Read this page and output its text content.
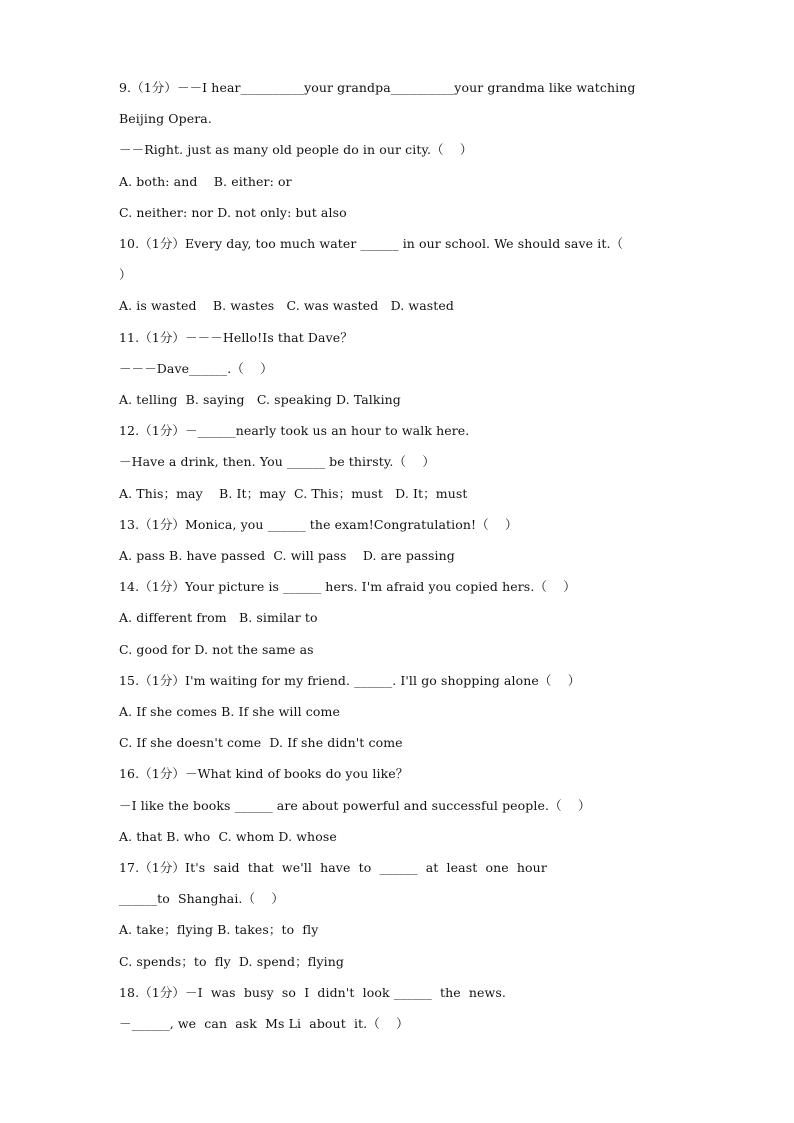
9.（1分）－－I hear__________your grandpa__________your grandma like watching
Beijing Opera.
－－Right. just as many old people do in our city.（    ）
A. both: and    B. either: or
C. neither: nor D. not only: but also
10.（1分）Every day, too much water ______ in our school. We should save it.（
）
A. is wasted    B. wastes   C. was wasted   D. wasted
11.（1分）－－－Hello!Is that Dave？
－－－Dave______.（    ）
A. telling  B. saying   C. speaking D. Talking
12.（1分）－______nearly took us an hour to walk here.
－Have a drink, then. You ______ be thirsty.（    ）
A. This；may    B. It；may  C. This；must   D. It；must
13.（1分）Monica, you ______ the exam!Congratulation!（    ）
A. pass B. have passed  C. will pass    D. are passing
14.（1分）Your picture is ______ hers. I'm afraid you copied hers.（    ）
A. different from   B. similar to
C. good for D. not the same as
15.（1分）I'm waiting for my friend. ______. I'll go shopping alone（    ）
A. If she comes B. If she will come
C. If she doesn't come  D. If she didn't come
16.（1分）－What kind of books do you like？
－I like the books ______ are about powerful and successful people.（    ）
A. that B. who  C. whom D. whose
17.（1分）It's  said  that  we'll  have  to  ______  at  least  one  hour
______to  Shanghai.（    ）
A. take；flying B. takes；to  fly
C. spends；to  fly  D. spend；flying
18.（1分）－I  was  busy  so  I  didn't  look ______  the  news.
－______, we  can  ask  Ms Li  about  it.（    ）
